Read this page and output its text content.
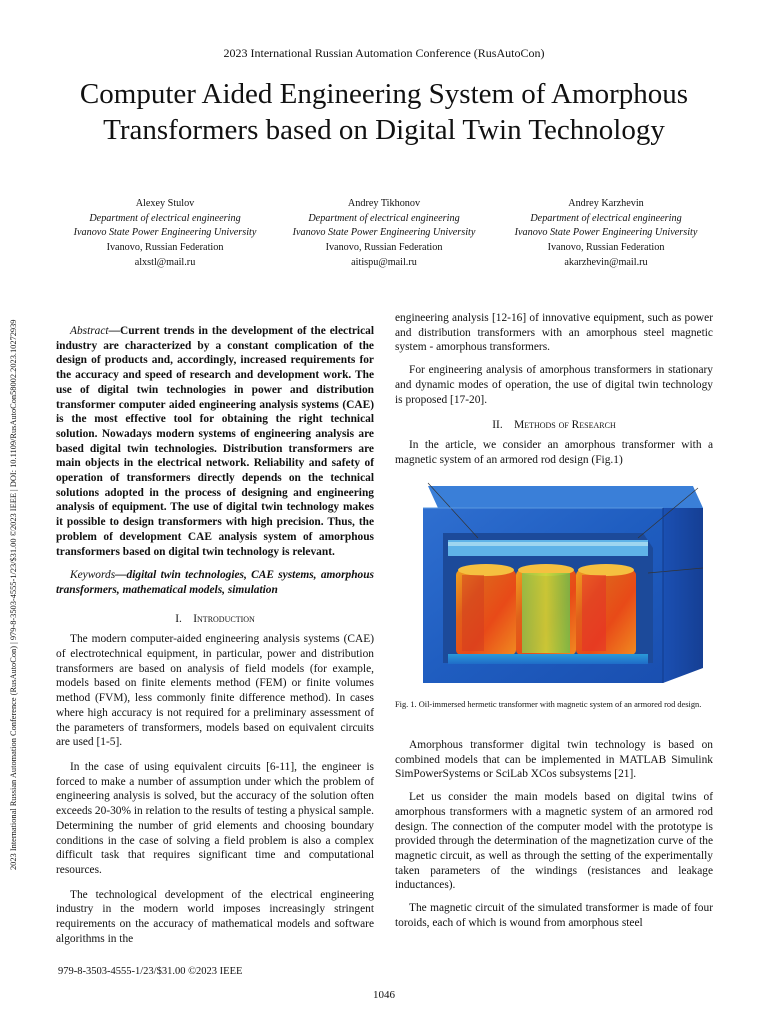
2023 International Russian Automation Conference (RusAutoCon)
Computer Aided Engineering System of Amorphous
Transformers based on Digital Twin Technology
2023 International Russian Automation Conference (RusAutoCon) | 979-8-3503-4555-1/23/$31.00 ©2023 IEEE | DOI: 10.1109/RusAutoCon58002.2023.10272939
Alexey Stulov
Department of electrical engineering
Ivanovo State Power Engineering University
Ivanovo, Russian Federation
alxstl@mail.ru
Andrey Tikhonov
Department of electrical engineering
Ivanovo State Power Engineering University
Ivanovo, Russian Federation
aitispu@mail.ru
Andrey Karzhevin
Department of electrical engineering
Ivanovo State Power Engineering University
Ivanovo, Russian Federation
akarzhevin@mail.ru

Abstract—Current trends in the development of the electrical industry are characterized by a constant complication of the design of products and, accordingly, increased requirements for the accuracy and speed of research and development work. The use of digital twin technologies in power and distribution transformer computer aided engineering analysis systems (CAE) is the most effective tool for obtaining the right technical solution. Nowadays modern systems of engineering analysis are based digital twin technologies. Distribution transformers are main objects in the electrical network. Reliability and safety of operation of transformers directly depends on the technical solutions adopted in the process of designing and engineering analysis of equipment. The use of digital twin technology makes it possible to design transformers with high precision. Thus, the problem of development CAE analysis system of amorphous transformers based on digital twin technology is relevant.

Keywords—digital twin technologies, CAE systems, amorphous transformers, mathematical models, simulation

I. Introduction

The modern computer-aided engineering analysis systems (CAE) of electrotechnical equipment, in particular, power and distribution transformers are based on analysis of field models (for example, models based on finite elements method (FEM) or finite volumes method (FVM), less commonly finite difference method). In cases where high accuracy is not required for a preliminary assessment of the parameters of transformers, models based on equivalent circuits are used [1-5].

In the case of using equivalent circuits [6-11], the engineer is forced to make a number of assumption under which the problem of engineering analysis is solved, but the accuracy of the solution often exceeds 20-30% in relation to the results of testing a physical sample. Determining the number of grid elements and choosing boundary conditions in the case of solving a field problem is also a complex difficult task that requires significant time and computational resources.

The technological development of the electrical engineering industry in the modern world imposes increasingly stringent requirements on the accuracy of mathematical models and software algorithms in the

engineering analysis [12-16] of innovative equipment, such as power and distribution transformers with an amorphous steel magnetic system - amorphous transformers.

For engineering analysis of amorphous transformers in stationary and dynamic modes of operation, the use of digital twin technology is proposed [17-20].

II. Methods of Research

In the article, we consider an amorphous transformer with a magnetic system of an armored rod design (Fig.1)

Fig. 1. Oil-immersed hermetic transformer with magnetic system of an armored rod design.

Amorphous transformer digital twin technology is based on combined models that can be implemented in MATLAB Simulink SimPowerSystems or SciLab XCos subsystems [21].

Let us consider the main models based on digital twins of amorphous transformers with a magnetic system of an armored rod design. The connection of the computer model with the prototype is provided through the determination of the magnetization curve of the magnetic circuit, as well as through the setting of the experimentally taken parameters of the windings (resistances and leakage inductances).

The magnetic circuit of the simulated transformer is made of four toroids, each of which is wound from amorphous steel

979-8-3503-4555-1/23/$31.00 ©2023 IEEE
1046
